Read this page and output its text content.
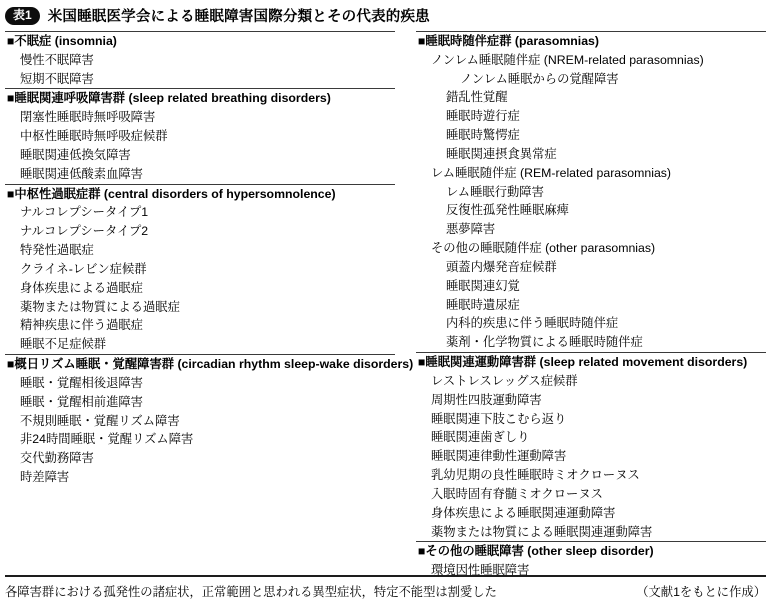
表1	米国睡眠医学会による睡眠障害国際分類とその代表的疾患
■不眠症 (insomnia)
慢性不眠障害
短期不眠障害
■睡眠関連呼吸障害群 (sleep related breathing disorders)
閉塞性睡眠時無呼吸障害
中枢性睡眠時無呼吸症候群
睡眠関連低換気障害
睡眠関連低酸素血障害
■中枢性過眠症群 (central disorders of hypersomnolence)
ナルコレプシータイプ1
ナルコレプシータイプ2
特発性過眠症
クライネ-レビン症候群
身体疾患による過眠症
薬物または物質による過眠症
精神疾患に伴う過眠症
睡眠不足症候群
■概日リズム睡眠・覚醒障害群 (circadian rhythm sleep-wake disorders)
睡眠・覚醒相後退障害
睡眠・覚醒相前進障害
不規則睡眠・覚醒リズム障害
非24時間睡眠・覚醒リズム障害
交代勤務障害
時差障害
■睡眠時随伴症群 (parasomnias)
ノンレム睡眠随伴症 (NREM-related parasomnias)
ノンレム睡眠からの覚醒障害
錯乱性覚醒
睡眠時遊行症
睡眠時驚愕症
睡眠関連摂食異常症
レム睡眠随伴症 (REM-related parasomnias)
レム睡眠行動障害
反復性孤発性睡眠麻痺
悪夢障害
その他の睡眠随伴症 (other parasomnias)
頭蓋内爆発音症候群
睡眠関連幻覚
睡眠時遺尿症
内科的疾患に伴う睡眠時随伴症
薬剤・化学物質による睡眠時随伴症
■睡眠関連運動障害群 (sleep related movement disorders)
レストレスレッグス症候群
周期性四肢運動障害
睡眠関連下肢こむら返り
睡眠関連歯ぎしり
睡眠関連律動性運動障害
乳幼児期の良性睡眠時ミオクローヌス
入眠時固有脊髄ミオクローヌス
身体疾患による睡眠関連運動障害
薬物または物質による睡眠関連運動障害
■その他の睡眠障害 (other sleep disorder)
環境因性睡眠障害
各障害群における孤発性の諸症状，正常範囲と思われる異型症状，特定不能型は割愛した	（文献1をもとに作成）
